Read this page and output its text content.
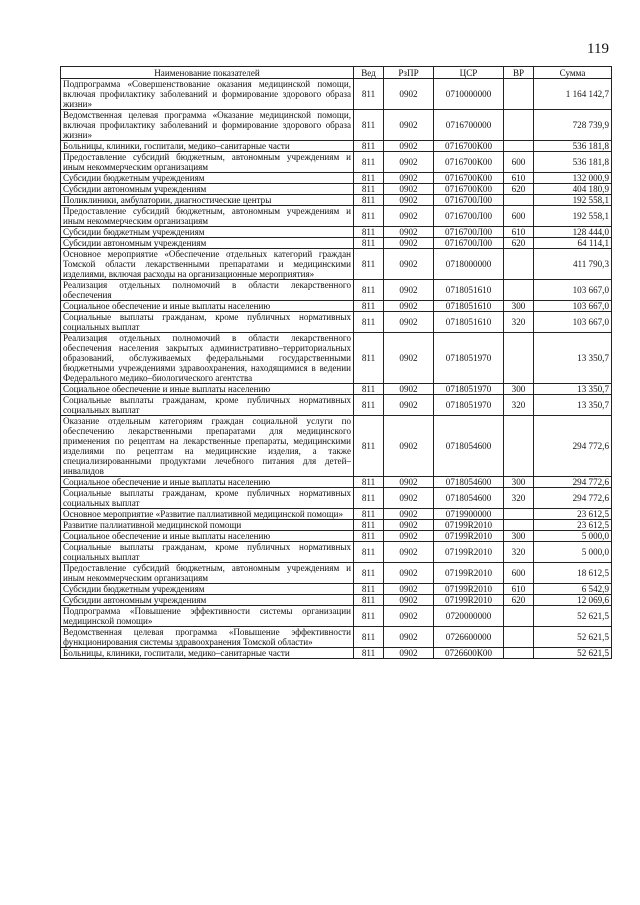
119
Наименование показателей	Вед	РзПР	ЦСР	ВР	Сумма
Подпрограмма «Совершенствование оказания медицинской помощи, включая профилактику заболеваний и формирование здорового образа жизни»	811	0902	0710000000		1 164 142,7
Ведомственная целевая программа «Оказание медицинской помощи, включая профилактику заболеваний и формирование здорового образа жизни»	811	0902	0716700000		728 739,9
Больницы, клиники, госпитали, медико–санитарные части	811	0902	0716700К00		536 181,8
Предоставление субсидий бюджетным, автономным учреждениям и иным некоммерческим организациям	811	0902	0716700К00	600	536 181,8
Субсидии бюджетным учреждениям	811	0902	0716700К00	610	132 000,9
Субсидии автономным учреждениям	811	0902	0716700К00	620	404 180,9
Поликлиники, амбулатории, диагностические центры	811	0902	0716700Л00		192 558,1
Предоставление субсидий бюджетным, автономным учреждениям и иным некоммерческим организациям	811	0902	0716700Л00	600	192 558,1
Субсидии бюджетным учреждениям	811	0902	0716700Л00	610	128 444,0
Субсидии автономным учреждениям	811	0902	0716700Л00	620	64 114,1
Основное мероприятие «Обеспечение отдельных категорий граждан Томской области лекарственными препаратами и медицинскими изделиями, включая расходы на организационные мероприятия»	811	0902	0718000000		411 790,3
Реализация отдельных полномочий в области лекарственного обеспечения	811	0902	0718051610		103 667,0
Социальное обеспечение и иные выплаты населению	811	0902	0718051610	300	103 667,0
Социальные выплаты гражданам, кроме публичных нормативных социальных выплат	811	0902	0718051610	320	103 667,0
Реализация отдельных полномочий в области лекарственного обеспечения населения закрытых административно–территориальных образований, обслуживаемых федеральными государственными бюджетными учреждениями здравоохранения, находящимися в ведении Федерального медико–биологического агентства	811	0902	0718051970		13 350,7
Социальное обеспечение и иные выплаты населению	811	0902	0718051970	300	13 350,7
Социальные выплаты гражданам, кроме публичных нормативных социальных выплат	811	0902	0718051970	320	13 350,7
Оказание отдельным категориям граждан социальной услуги по обеспечению лекарственными препаратами для медицинского применения по рецептам на лекарственные препараты, медицинскими изделиями по рецептам на медицинские изделия, а также специализированными продуктами лечебного питания для детей–инвалидов	811	0902	0718054600		294 772,6
Социальное обеспечение и иные выплаты населению	811	0902	0718054600	300	294 772,6
Социальные выплаты гражданам, кроме публичных нормативных социальных выплат	811	0902	0718054600	320	294 772,6
Основное мероприятие «Развитие паллиативной медицинской помощи»	811	0902	0719900000		23 612,5
Развитие паллиативной медицинской помощи	811	0902	07199R2010		23 612,5
Социальное обеспечение и иные выплаты населению	811	0902	07199R2010	300	5 000,0
Социальные выплаты гражданам, кроме публичных нормативных социальных выплат	811	0902	07199R2010	320	5 000,0
Предоставление субсидий бюджетным, автономным учреждениям и иным некоммерческим организациям	811	0902	07199R2010	600	18 612,5
Субсидии бюджетным учреждениям	811	0902	07199R2010	610	6 542,9
Субсидии автономным учреждениям	811	0902	07199R2010	620	12 069,6
Подпрограмма «Повышение эффективности системы организации медицинской помощи»	811	0902	0720000000		52 621,5
Ведомственная целевая программа «Повышение эффективности функционирования системы здравоохранения Томской области»	811	0902	0726600000		52 621,5
Больницы, клиники, госпитали, медико–санитарные части	811	0902	0726600К00		52 621,5
